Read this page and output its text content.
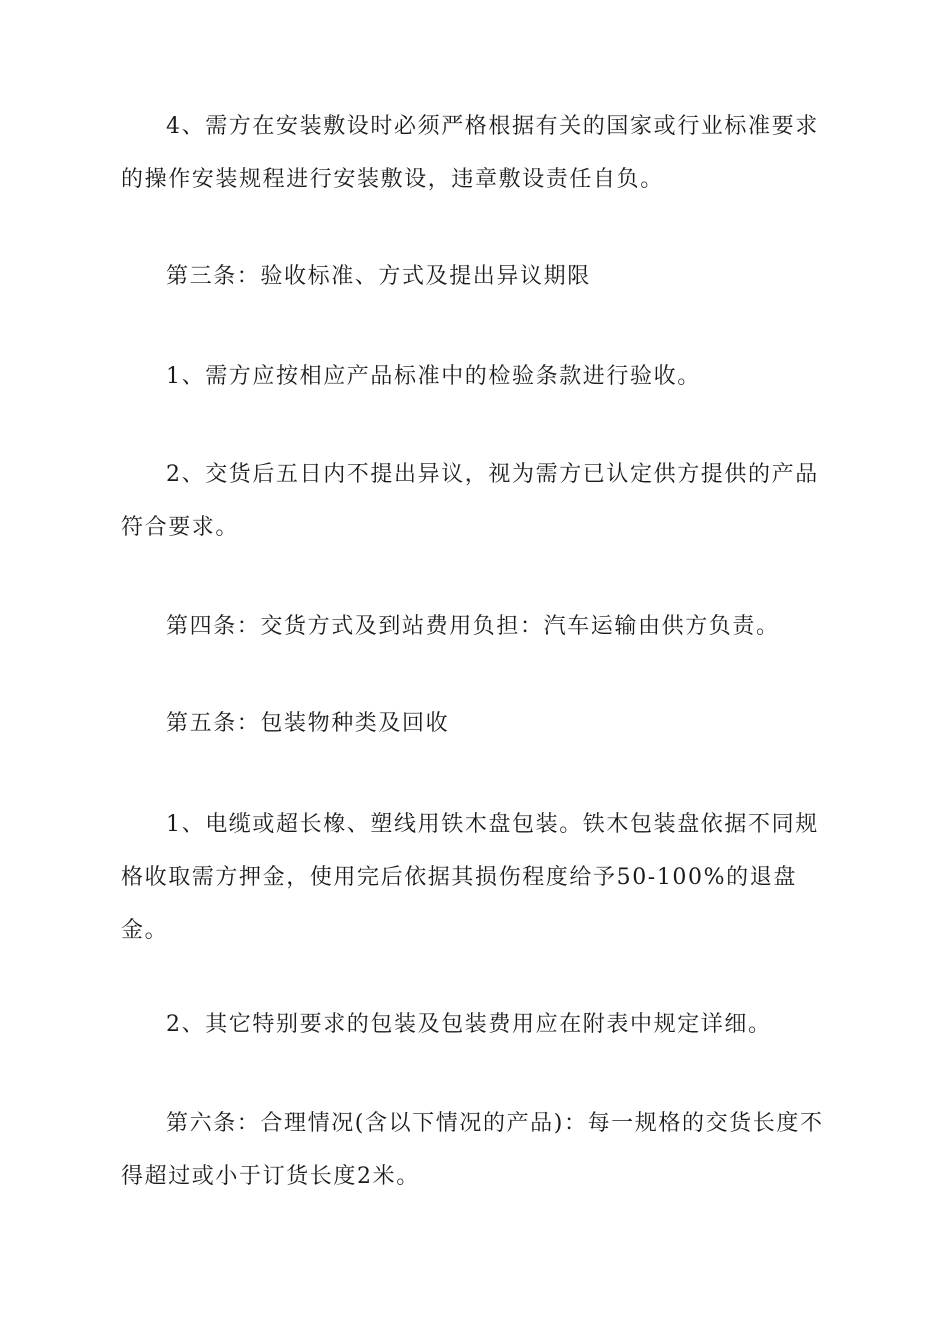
4、需方在安装敷设时必须严格根据有关的国家或行业标准要求的操作安装规程进行安装敷设，违章敷设责任自负。

第三条：验收标准、方式及提出异议期限

1、需方应按相应产品标准中的检验条款进行验收。

2、交货后五日内不提出异议，视为需方已认定供方提供的产品符合要求。

第四条：交货方式及到站费用负担：汽车运输由供方负责。

第五条：包装物种类及回收

1、电缆或超长橡、塑线用铁木盘包装。铁木包装盘依据不同规格收取需方押金，使用完后依据其损伤程度给予50-100%的退盘金。

2、其它特别要求的包装及包装费用应在附表中规定详细。

第六条：合理情况(含以下情况的产品)：每一规格的交货长度不得超过或小于订货长度2米。
